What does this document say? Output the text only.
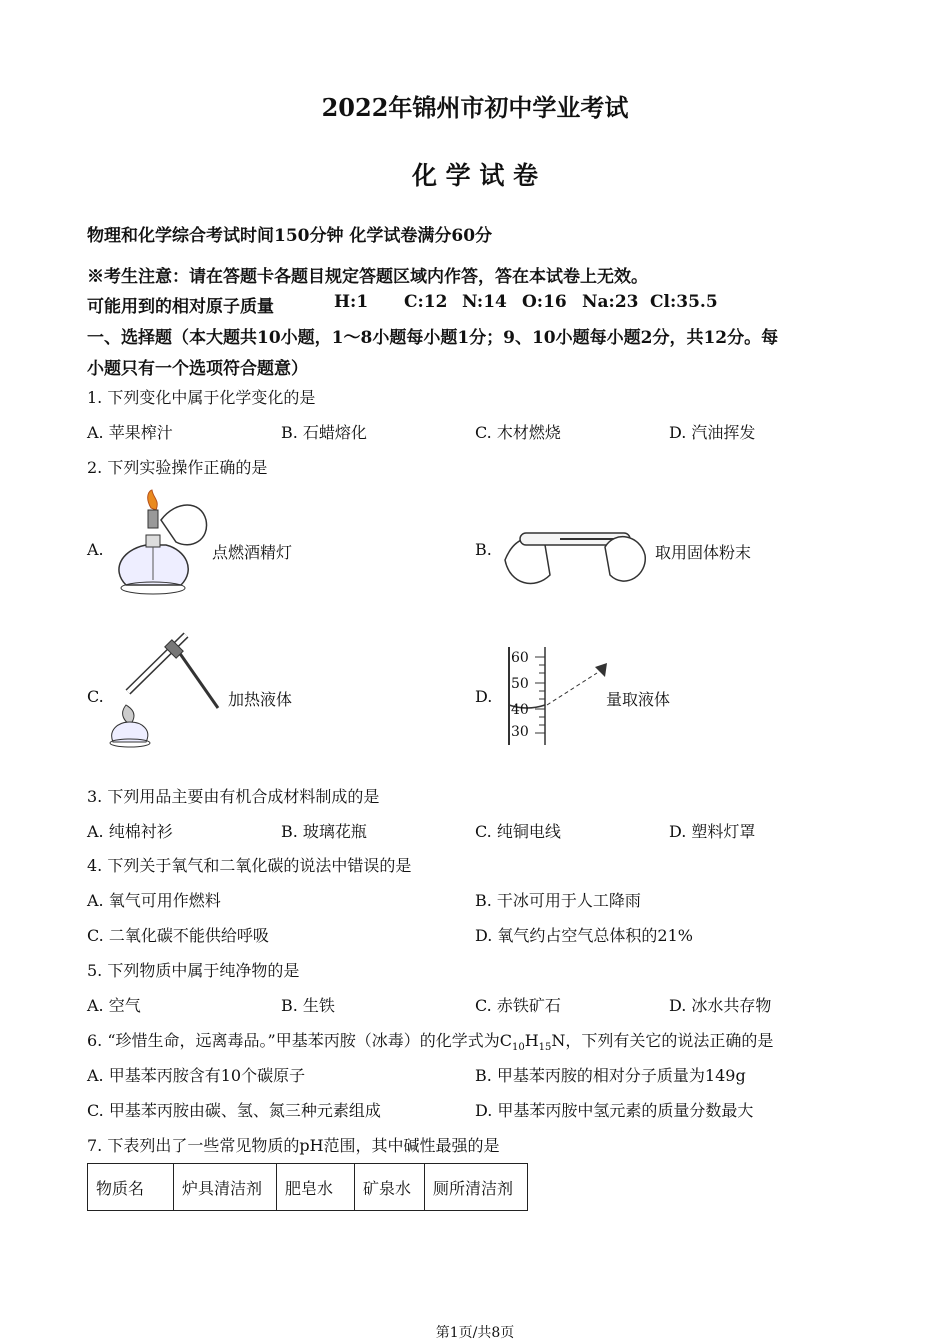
2022年锦州市初中学业考试
化 学 试 卷
物理和化学综合考试时间150分钟 化学试卷满分60分
※考生注意：请在答题卡各题目规定答题区域内作答，答在本试卷上无效。
可能用到的相对原子质量	H:1 C:12 N:14 O:16 Na:23 Cl:35.5
一、选择题（本大题共10小题，1～8小题每小题1分；9、10小题每小题2分，共12分。每
小题只有一个选项符合题意）
1. 下列变化中属于化学变化的是
A. 苹果榨汁	B. 石蜡熔化	C. 木材燃烧	D. 汽油挥发
2. 下列实验操作正确的是
A.	点燃酒精灯	B.	取用固体粉末
C.	加热液体	D.
60
50
40
30
量取液体
3. 下列用品主要由有机合成材料制成的是
A. 纯棉衬衫	B. 玻璃花瓶	C. 纯铜电线	D. 塑料灯罩
4. 下列关于氧气和二氧化碳的说法中错误的是
A. 氧气可用作燃料	B. 干冰可用于人工降雨
C. 二氧化碳不能供给呼吸	D. 氧气约占空气总体积的21%
5. 下列物质中属于纯净物的是
A. 空气	B. 生铁	C. 赤铁矿石	D. 冰水共存物
6. “珍惜生命，远离毒品。”甲基苯丙胺（冰毒）的化学式为$C_{10}H_{15}N$，下列有关它的说法正确的是
A. 甲基苯丙胺含有10个碳原子	B. 甲基苯丙胺的相对分子质量为149g
C. 甲基苯丙胺由碳、氢、氮三种元素组成	D. 甲基苯丙胺中氢元素的质量分数最大
7. 下表列出了一些常见物质的pH范围，其中碱性最强的是
物质名	炉具清洁剂	肥皂水	矿泉水	厕所清洁剂
第1页/共8页
